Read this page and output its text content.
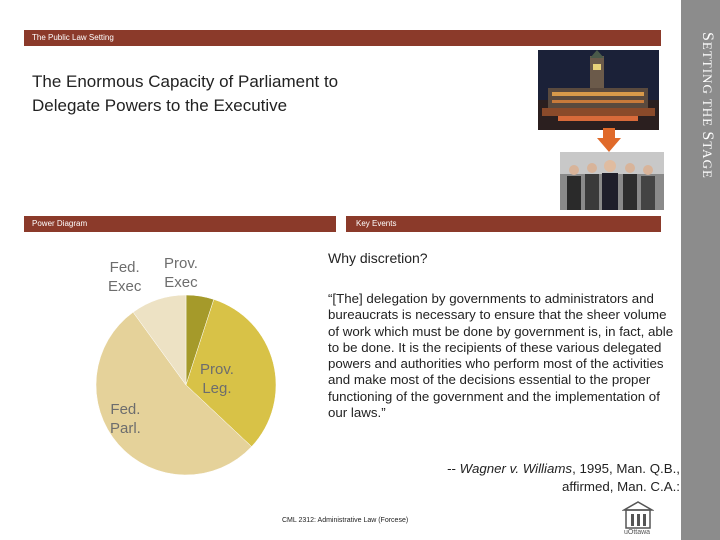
SETTING THE STAGE
The Public Law Setting
The Enormous Capacity of Parliament to
Delegate Powers to the Executive
Power Diagram	Key Events
Fed.
Exec
Prov.
Exec
Prov.
Leg.
Fed.
Parl.
Why discretion?
“[The] delegation by governments to administrators and bureaucrats is necessary to ensure that the sheer volume of work which must be done by government is, in fact, able to be done. It is the recipients of these various delegated powers and authorities who perform most of the activities and make most of the decisions essential to the proper functioning of the government and the implementation of our laws.”
-- Wagner v. Williams, 1995, Man. Q.B., affirmed, Man. C.A.:
CML 2312: Administrative Law (Forcese)
uOttawa
